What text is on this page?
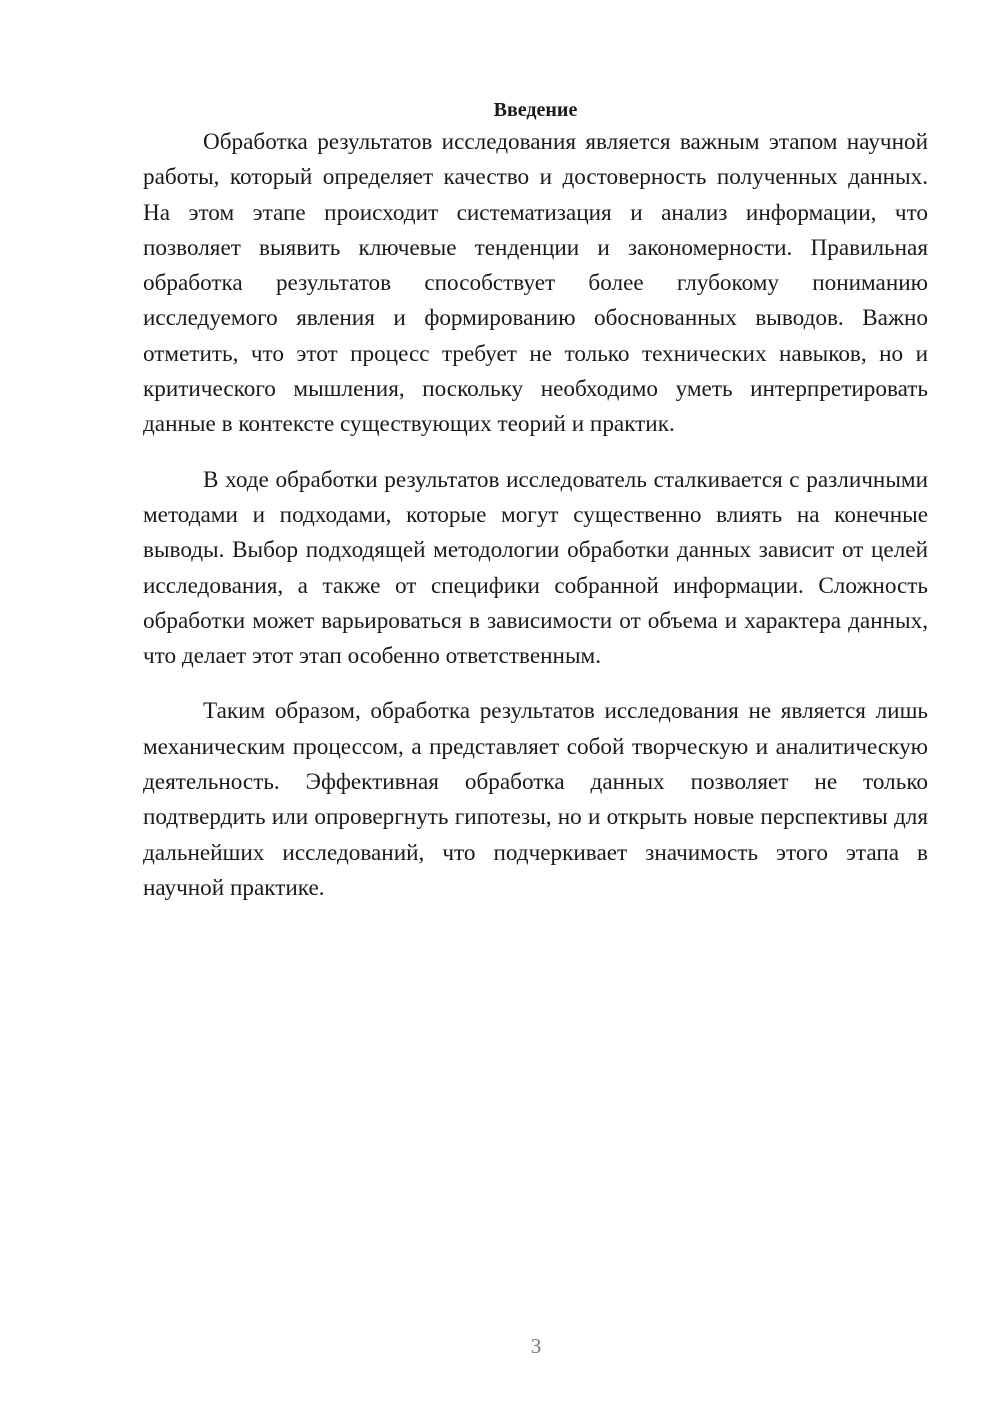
Введение

Обработка результатов исследования является важным этапом научной работы, который определяет качество и достоверность полученных данных. На этом этапе происходит систематизация и анализ информации, что позволяет выявить ключевые тенденции и закономерности. Правильная обработка результатов способствует более глубокому пониманию исследуемого явления и формированию обоснованных выводов. Важно отметить, что этот процесс требует не только технических навыков, но и критического мышления, поскольку необходимо уметь интерпретировать данные в контексте существующих теорий и практик.

В ходе обработки результатов исследователь сталкивается с различными методами и подходами, которые могут существенно влиять на конечные выводы. Выбор подходящей методологии обработки данных зависит от целей исследования, а также от специфики собранной информации. Сложность обработки может варьироваться в зависимости от объема и характера данных, что делает этот этап особенно ответственным.

Таким образом, обработка результатов исследования не является лишь механическим процессом, а представляет собой творческую и аналитическую деятельность. Эффективная обработка данных позволяет не только подтвердить или опровергнуть гипотезы, но и открыть новые перспективы для дальнейших исследований, что подчеркивает значимость этого этапа в научной практике.

3
